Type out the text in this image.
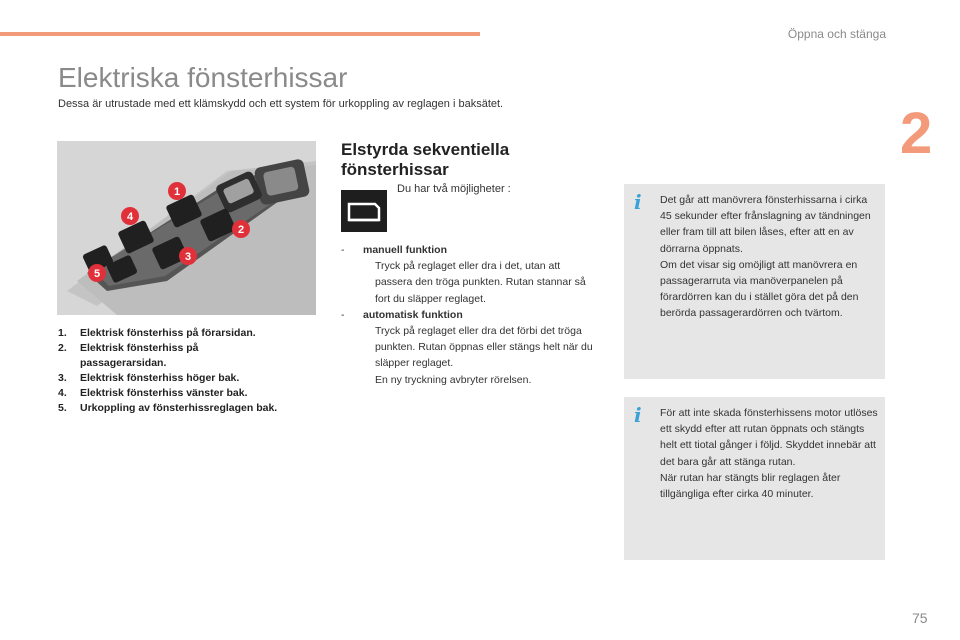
Öppna och stänga
2
Elektriska fönsterhissar
Dessa är utrustade med ett klämskydd och ett system för urkoppling av reglagen i baksätet.
1
2
3
4
5
1.	Elektrisk fönsterhiss på förarsidan.
2.	Elektrisk fönsterhiss på passagerarsidan.
3.	Elektrisk fönsterhiss höger bak.
4.	Elektrisk fönsterhiss vänster bak.
5.	Urkoppling av fönsterhissreglagen bak.
Elstyrda sekventiella fönsterhissar
Du har två möjligheter :
-	manuell funktion
Tryck på reglaget eller dra i det, utan att passera den tröga punkten. Rutan stannar så fort du släpper reglaget.
-	automatisk funktion
Tryck på reglaget eller dra det förbi det tröga punkten. Rutan öppnas eller stängs helt när du släpper reglaget.
En ny tryckning avbryter rörelsen.
i Det går att manövrera fönsterhissarna i cirka 45 sekunder efter frånslagning av tändningen eller fram till att bilen låses, efter att en av dörrarna öppnats.
Om det visar sig omöjligt att manövrera en passagerarruta via manöverpanelen på förardörren kan du i stället göra det på den berörda passagerardörren och tvärtom.
i För att inte skada fönsterhissens motor utlöses ett skydd efter att rutan öppnats och stängts helt ett tiotal gånger i följd. Skyddet innebär att det bara går att stänga rutan.
När rutan har stängts blir reglagen åter tillgängliga efter cirka 40 minuter.
75
